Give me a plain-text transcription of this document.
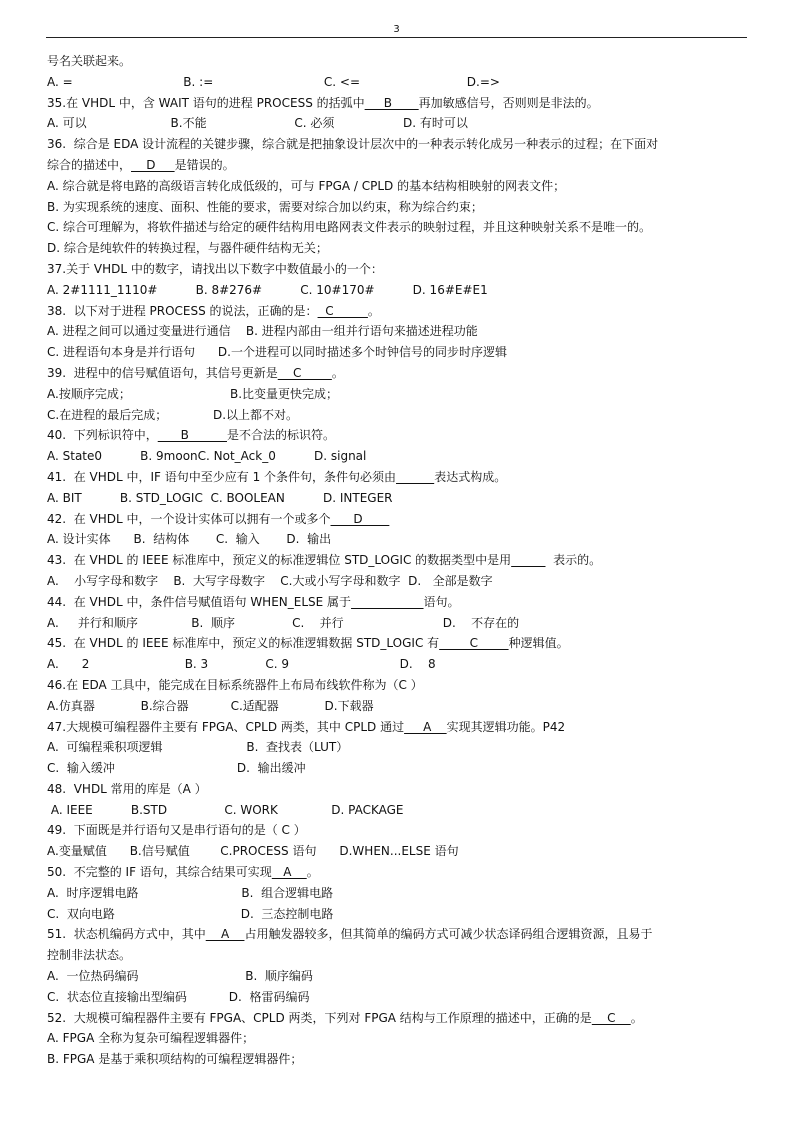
3
号名关联起来。
A. =                             B. :=                             C. <=                            D.=>
35.在 VHDL 中，含 WAIT 语句的进程 PROCESS 的括弧中     B       再加敏感信号，否则则是非法的。
A. 可以                      B.不能                       C. 必须                  D. 有时可以
36.  综合是 EDA 设计流程的关键步骤，综合就是把抽象设计层次中的一种表示转化成另一种表示的过程；在下面对
综合的描述中，    D     是错误的。
A. 综合就是将电路的高级语言转化成低级的，可与 FPGA / CPLD 的基本结构相映射的网表文件；
B. 为实现系统的速度、面积、性能的要求，需要对综合加以约束，称为综合约束；
C. 综合可理解为，将软件描述与给定的硬件结构用电路网表文件表示的映射过程，并且这种映射关系不是唯一的。
D. 综合是纯软件的转换过程，与器件硬件结构无关；
37.关于 VHDL 中的数字，请找出以下数字中数值最小的一个：
A. 2#1111_1110#          B. 8#276#          C. 10#170#          D. 16#E#E1
38.  以下对于进程 PROCESS 的说法，正确的是：  C         。
A. 进程之间可以通过变量进行通信    B. 进程内部由一组并行语句来描述进程功能
C. 进程语句本身是并行语句      D.一个进程可以同时描述多个时钟信号的同步时序逻辑
39.  进程中的信号赋值语句，其信号更新是    C        。
A.按顺序完成；                          B.比变量更快完成；
C.在进程的最后完成；            D.以上都不对。
40.  下列标识符中，      B          是不合法的标识符。
A. State0          B. 9moonC. Not_Ack_0          D. signal
41.  在 VHDL 中，IF 语句中至少应有 1 个条件句，条件句必须由	表达式构成。
A. BIT          B. STD_LOGIC  C. BOOLEAN          D. INTEGER
42.  在 VHDL 中，一个设计实体可以拥有一个或多个      D
A. 设计实体      B.  结构体       C.  输入       D.  输出
43.  在 VHDL 的 IEEE 标准库中，预定义的标准逻辑位 STD_LOGIC 的数据类型中是用	表示的。
A.    小写字母和数字    B.  大写字母数字    C.大或小写字母和数字  D.   全部是数字
44.  在 VHDL 中，条件信号赋值语句 WHEN_ELSE 属于	语句。
A.     并行和顺序              B.  顺序               C.    并行                          D.    不存在的
45.  在 VHDL 的 IEEE 标准库中，预定义的标准逻辑数据 STD_LOGIC 有        C        种逻辑值。
A.      2                         B. 3               C. 9                             D.    8
46.在 EDA 工具中，能完成在目标系统器件上布局布线软件称为（C ）
A.仿真器            B.综合器           C.适配器            D.下载器
47.大规模可编程器件主要有 FPGA、CPLD 两类，其中 CPLD 通过     A    实现其逻辑功能。P42
A.  可编程乘积项逻辑                      B.  查找表（LUT）
C.  输入缓冲                                D.  输出缓冲
48.  VHDL 常用的库是（A ）
A. IEEE          B.STD               C. WORK              D. PACKAGE
49.  下面既是并行语句又是串行语句的是（ C ）
A.变量赋值      B.信号赋值        C.PROCESS 语句      D.WHEN...ELSE 语句
50.  不完整的 IF 语句，其综合结果可实现   A    。
A.  时序逻辑电路                           B.  组合逻辑电路
C.  双向电路                                 D.  三态控制电路
51.  状态机编码方式中，其中    A    占用触发器较多，但其简单的编码方式可减少状态译码组合逻辑资源，且易于
控制非法状态。
A.  一位热码编码                            B.  顺序编码
C.  状态位直接输出型编码           D.  格雷码编码
52.  大规模可编程器件主要有 FPGA、CPLD 两类，下列对 FPGA 结构与工作原理的描述中，正确的是    C    。
A. FPGA 全称为复杂可编程逻辑器件；
B. FPGA 是基于乘积项结构的可编程逻辑器件；
